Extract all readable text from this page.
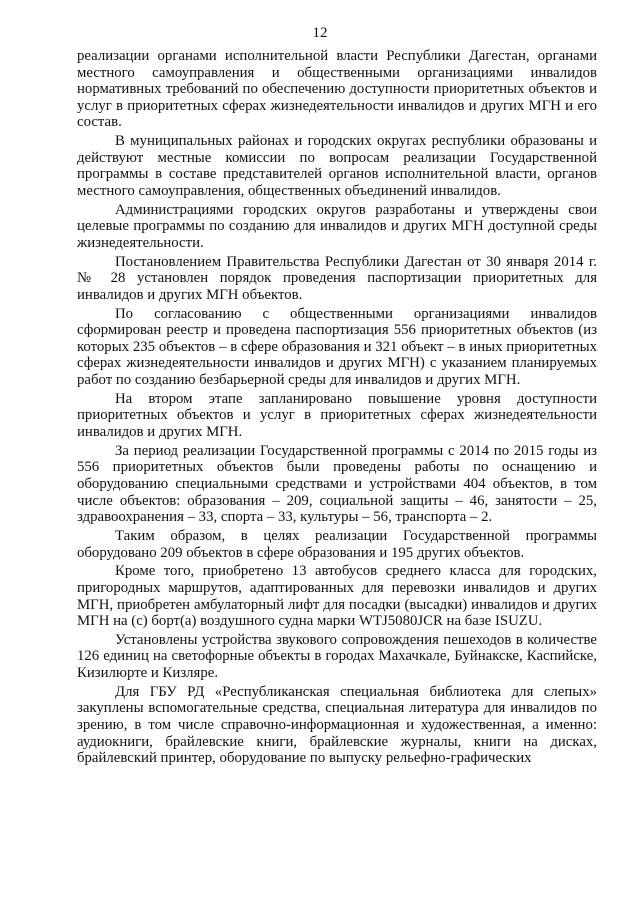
12

реализации органами исполнительной власти Республики Дагестан, органами местного самоуправления и общественными организациями инвалидов нормативных требований по обеспечению доступности приоритетных объектов и услуг в приоритетных сферах жизнедеятельности инвалидов и других МГН и его состав.

В муниципальных районах и городских округах республики образованы и действуют местные комиссии по вопросам реализации Государственной программы в составе представителей органов исполнительной власти, органов местного самоуправления, общественных объединений инвалидов.

Администрациями городских округов разработаны и утверждены свои целевые программы по созданию для инвалидов и других МГН доступной среды жизнедеятельности.

Постановлением Правительства Республики Дагестан от 30 января 2014 г. № 28 установлен порядок проведения паспортизации приоритетных для инвалидов и других МГН объектов.

По согласованию с общественными организациями инвалидов сформирован реестр и проведена паспортизация 556 приоритетных объектов (из которых 235 объектов – в сфере образования и 321 объект – в иных приоритетных сферах жизнедеятельности инвалидов и других МГН) с указанием планируемых работ по созданию безбарьерной среды для инвалидов и других МГН.

На втором этапе запланировано повышение уровня доступности приоритетных объектов и услуг в приоритетных сферах жизнедеятельности инвалидов и других МГН.

За период реализации Государственной программы с 2014 по 2015 годы из 556 приоритетных объектов были проведены работы по оснащению и оборудованию специальными средствами и устройствами 404 объектов, в том числе объектов: образования – 209, социальной защиты – 46, занятости – 25, здравоохранения – 33, спорта – 33, культуры – 56, транспорта – 2.

Таким образом, в целях реализации Государственной программы оборудовано 209 объектов в сфере образования и 195 других объектов.

Кроме того, приобретено 13 автобусов среднего класса для городских, пригородных маршрутов, адаптированных для перевозки инвалидов и других МГН, приобретен амбулаторный лифт для посадки (высадки) инвалидов и других МГН на (с) борт(а) воздушного судна марки WTJ5080JCR на базе ISUZU.

Установлены устройства звукового сопровождения пешеходов в количестве 126 единиц на светофорные объекты в городах Махачкале, Буйнакске, Каспийске, Кизилюрте и Кизляре.

Для ГБУ РД «Республиканская специальная библиотека для слепых» закуплены вспомогательные средства, специальная литература для инвалидов по зрению, в том числе справочно-информационная и художественная, а именно: аудиокниги, брайлевские книги, брайлевские журналы, книги на дисках, брайлевский принтер, оборудование по выпуску рельефно-графических
